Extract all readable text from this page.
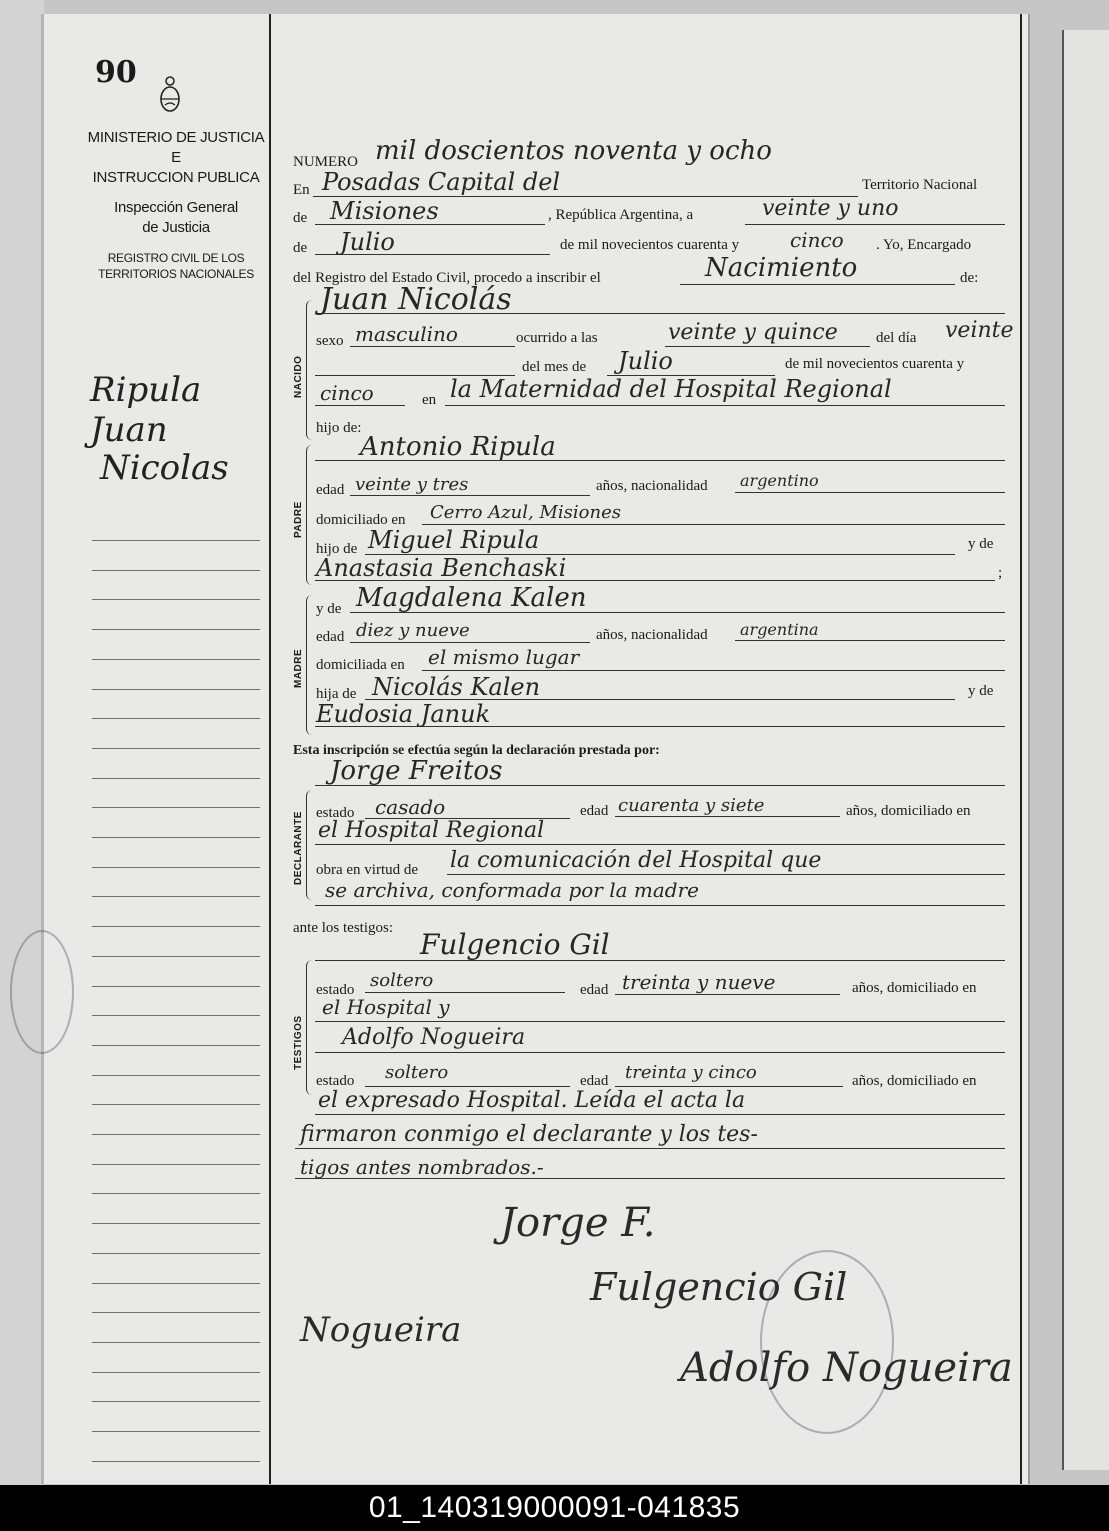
90
MINISTERIO DE JUSTICIA
E
INSTRUCCION PUBLICA
Inspección General
de Justicia
REGISTRO CIVIL DE LOS
TERRITORIOS NACIONALES
Ripula
Juan
Nicolas
NACIDO
PADRE
MADRE
DECLARANTE
TESTIGOS
NUMERO mil doscientos noventa y ocho
En Posadas Capital del	Territorio Nacional
de Misiones	, República Argentina, a	veinte y uno
de Julio	de mil novecientos cuarenta y	cinco . Yo, Encargado
del Registro del Estado Civil, procedo a inscribir el	Nacimiento	de:
Juan Nicolás
sexo masculino	ocurrido a las	veinte y quince	del día veinte
del mes de Julio	de mil novecientos cuarenta y
cinco	en la Maternidad del Hospital Regional
hijo de:
Antonio Ripula
edad veinte y tres	años, nacionalidad argentino
domiciliado en Cerro Azul, Misiones
hijo de Miguel Ripula	y de
Anastasia Benchaski	;
y de Magdalena Kalen
edad diez y nueve	años, nacionalidad argentina
domiciliada en el mismo lugar
hija de Nicolás Kalen	y de
Eudosia Januk
Esta inscripción se efectúa según la declaración prestada por:
Jorge Freitos
estado casado	edad cuarenta y siete	años, domiciliado en
el Hospital Regional
obra en virtud de la comunicación del Hospital que
se archiva, conformada por la madre
ante los testigos: Fulgencio Gil
estado soltero	edad treinta y nueve	años, domiciliado en
el Hospital y
Adolfo Nogueira
estado soltero	edad treinta y cinco	años, domiciliado en
el expresado Hospital. Leída el acta la
firmaron conmigo el declarante y los tes-
tigos antes nombrados.-
Jorge F.
Fulgencio Gil
Nogueira
Adolfo Nogueira
01_140319000091-041835
